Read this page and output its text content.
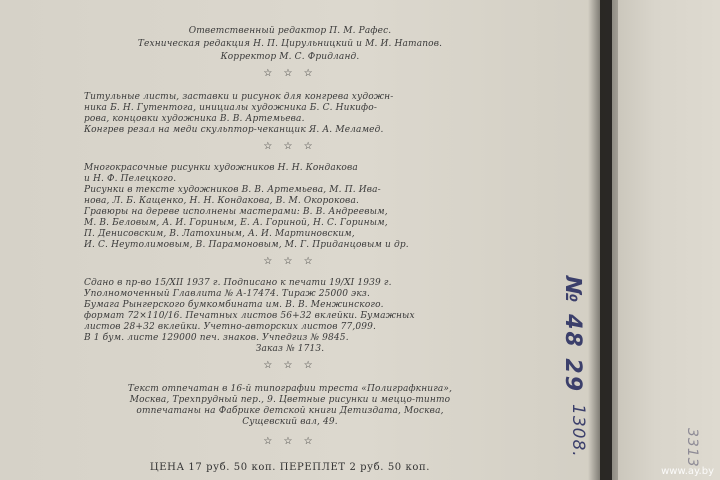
Ответственный редактор П. М. Рафес.
Техническая редакция Н. П. Цирульницкий и М. И. Натапов.
Корректор М. С. Фридланд.
☆ ☆ ☆
Титульные листы, заставки и рисунок для конгрева художн-
ника Б. Н. Гутентога, инициалы художника Б. С. Никифо-
рова, концовки художника В. В. Артемьева.
Конгрев резал на меди скульптор-чеканщик Я. А. Меламед.
☆ ☆ ☆
Многокрасочные рисунки художников Н. Н. Кондакова
и Н. Ф. Пелецкого.
Рисунки в тексте художников В. В. Артемьева, М. П. Ива-
нова, Л. Б. Кащенко, Н. Н. Кондакова, В. М. Окорокова.
Гравюры на дереве исполнены мастерами: В. В. Андреевым,
М. В. Беловым, А. И. Гориным, Е. А. Гориной, Н. С. Гориным,
П. Денисовским, В. Латохиным, А. И. Мартиновским,
И. С. Неутолимовым, В. Парамоновым, М. Г. Приданцовым и др.
☆ ☆ ☆
Сдано в пр-во 15/XII 1937 г. Подписано к печати 19/XI 1939 г.
Уполномоченный Главлита № А-17474. Тираж 25000 экз.
Бумага Рынгерского бумкомбината им. В. В. Менжинского.
формат 72×110/16. Печатных листов 56+32 вклейки. Бумажных
листов 28+32 вклейки. Учетно-авторских листов 77,099.
В 1 бум. листе 129000 печ. знаков. Учпедгиз № 9845.
Заказ № 1713.
☆ ☆ ☆
Текст отпечатан в 16-й типографии треста «Полиграфкнига»,
Москва, Трехпрудный пер., 9. Цветные рисунки и меццо-тинто
отпечатаны на Фабрике детской книги Детиздата, Москва,
Сущевский вал, 49.
☆ ☆ ☆
ЦЕНА 17 руб. 50 коп. ПЕРЕПЛЕТ 2 руб. 50 коп.
№ 48 29
1308.	3313
www.ay.by
